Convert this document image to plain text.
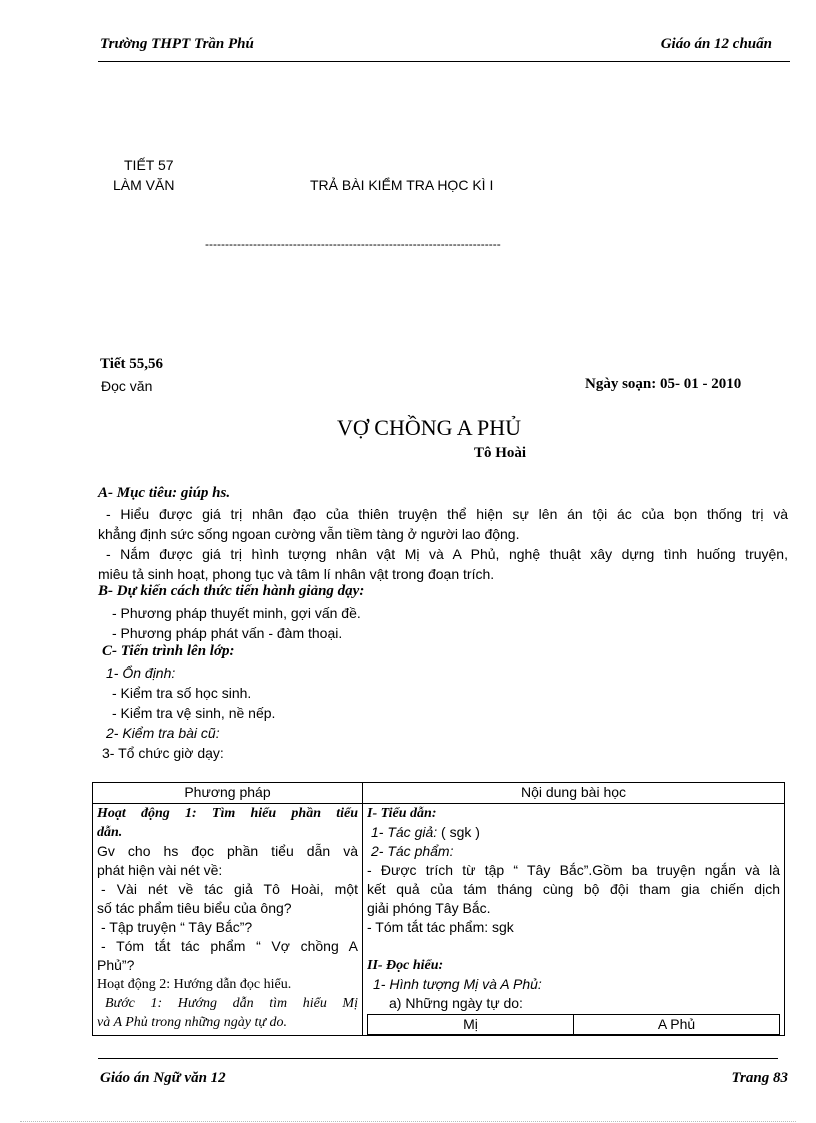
Trường THPT Trần Phú	Giáo án 12 chuẩn
TIẾT 57
LÀM VĂN	TRẢ BÀI KIỂM TRA HỌC KÌ I
--------------------------------------------------------------------------
Tiết 55,56
Đọc văn	Ngày soạn: 05- 01 - 2010
VỢ CHỒNG A PHỦ
Tô Hoài
A- Mục tiêu: giúp hs.
- Hiểu được giá trị nhân đạo của thiên truyện thể hiện sự lên án tội ác của bọn thống trị và
khẳng định sức sống ngoan cường vẫn tiềm tàng ở người lao động.
- Nắm được giá trị hình tượng nhân vật Mị và A Phủ, nghệ thuật xây dựng tình huống truyện,
miêu tả sinh hoạt, phong tục và tâm lí nhân vật trong đoạn trích.
B- Dự kiến cách thức tiến hành giảng dạy:
- Phương pháp thuyết minh, gợi vấn đề.
- Phương pháp phát vấn - đàm thoại.
C- Tiến trình lên lớp:
1- Ổn định:
- Kiểm tra số học sinh.
- Kiểm tra vệ sinh, nề nếp.
2- Kiểm tra bài cũ:
3- Tổ chức giờ dạy:
Phương pháp	Nội dung bài học

Hoạt động 1: Tìm hiểu phần tiểu
dẫn.
Gv cho hs đọc phần tiểu dẫn và
phát hiện vài nét về:
- Vài nét về tác giả Tô Hoài, một
số tác phẩm tiêu biểu của ông?
- Tập truyện “ Tây Bắc”?
- Tóm tắt tác phẩm “ Vợ chồng A
Phủ”?
Hoạt động 2: Hướng dẫn đọc hiểu.
Bước 1: Hướng dẫn tìm hiểu Mị
và A Phủ trong những ngày tự do.

I- Tiểu dẫn:
1- Tác giả: ( sgk )
2- Tác phẩm:
- Được trích từ tập “ Tây Bắc”.Gồm ba truyện ngắn và là
kết quả của tám tháng cùng bộ đội tham gia chiến dịch
giải phóng Tây Bắc.
- Tóm tắt tác phẩm: sgk
II- Đọc hiểu:
1- Hình tượng Mị và A Phủ:
a) Những ngày tự do:
Mị	A Phủ
Giáo án Ngữ văn 12	Trang 83
